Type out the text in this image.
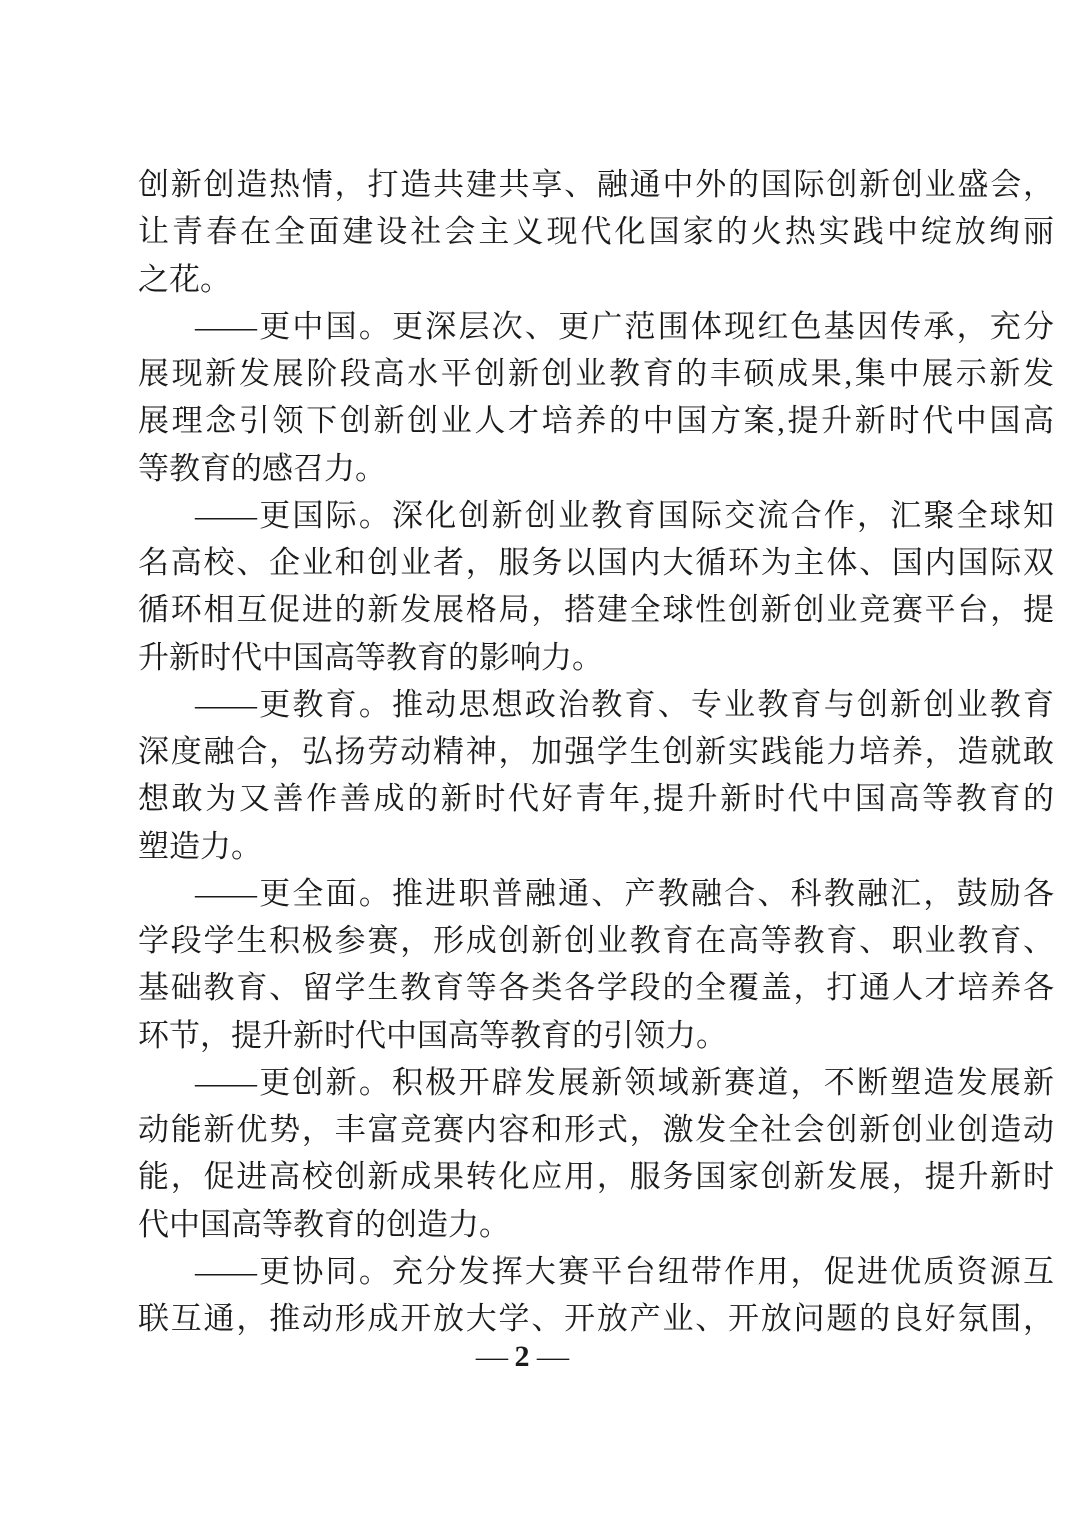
创新创造热情，打造共建共享、融通中外的国际创新创业盛会，
让青春在全面建设社会主义现代化国家的火热实践中绽放绚丽
之花。
——更中国。更深层次、更广范围体现红色基因传承，充分
展现新发展阶段高水平创新创业教育的丰硕成果,集中展示新发
展理念引领下创新创业人才培养的中国方案,提升新时代中国高
等教育的感召力。
——更国际。深化创新创业教育国际交流合作，汇聚全球知
名高校、企业和创业者，服务以国内大循环为主体、国内国际双
循环相互促进的新发展格局，搭建全球性创新创业竞赛平台，提
升新时代中国高等教育的影响力。
——更教育。推动思想政治教育、专业教育与创新创业教育
深度融合，弘扬劳动精神，加强学生创新实践能力培养，造就敢
想敢为又善作善成的新时代好青年,提升新时代中国高等教育的
塑造力。
——更全面。推进职普融通、产教融合、科教融汇，鼓励各
学段学生积极参赛，形成创新创业教育在高等教育、职业教育、
基础教育、留学生教育等各类各学段的全覆盖，打通人才培养各
环节，提升新时代中国高等教育的引领力。
——更创新。积极开辟发展新领域新赛道，不断塑造发展新
动能新优势，丰富竞赛内容和形式，激发全社会创新创业创造动
能，促进高校创新成果转化应用，服务国家创新发展，提升新时
代中国高等教育的创造力。
——更协同。充分发挥大赛平台纽带作用，促进优质资源互
联互通，推动形成开放大学、开放产业、开放问题的良好氛围，
— 2 —
